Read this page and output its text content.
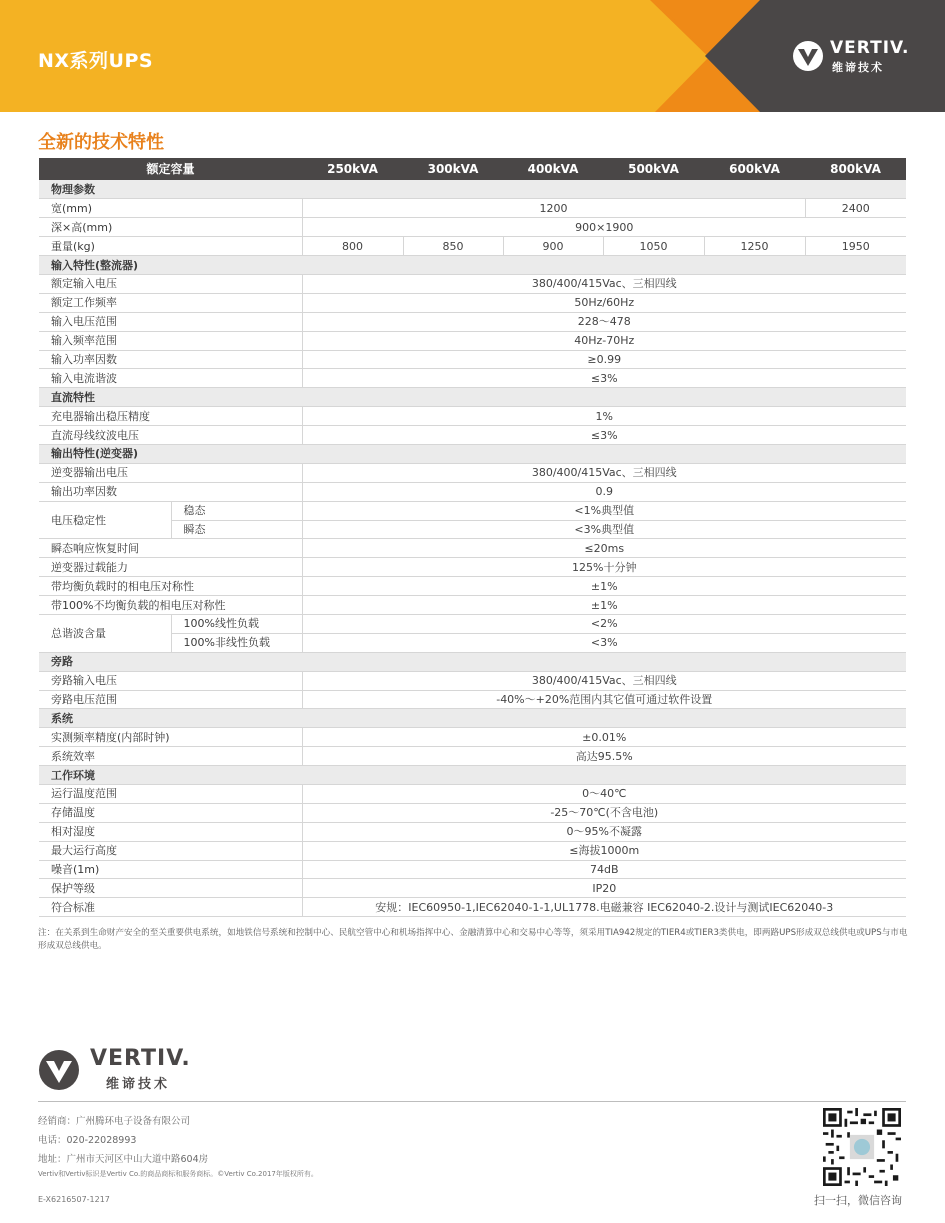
NX系列UPS
VERTIV.
维谛技术
全新的技术特性
额定容量		250kVA	300kVA	400kVA	500kVA	600kVA	800kVA
物理参数							
宽(mm)		1200					2400
深×高(mm)		900×1900					
重量(kg)		800	850	900	1050	1250	1950
输入特性(整流器)							
额定输入电压		380/400/415Vac、三相四线					
额定工作频率		50Hz/60Hz					
输入电压范围		228～478					
输入频率范围		40Hz-70Hz					
输入功率因数		≥0.99					
输入电流谐波		≤3%					
直流特性							
充电器输出稳压精度		1%					
直流母线纹波电压		≤3%					
输出特性(逆变器)							
逆变器输出电压		380/400/415Vac、三相四线					
输出功率因数		0.9					
电压稳定性	稳态	<1%典型值					
	瞬态	<3%典型值					
瞬态响应恢复时间		≤20ms					
逆变器过载能力		125%十分钟					
带均衡负载时的相电压对称性		±1%					
带100%不均衡负载的相电压对称性		±1%					
总谐波含量	100%线性负载	<2%					
	100%非线性负载	<3%					
旁路							
旁路输入电压		380/400/415Vac、三相四线					
旁路电压范围		-40%～+20%范围内其它值可通过软件设置					
系统							
实测频率精度(内部时钟)		±0.01%					
系统效率		高达95.5%					
工作环境							
运行温度范围		0～40℃					
存储温度		-25～70℃(不含电池)					
相对湿度		0～95%不凝露					
最大运行高度		≤海拔1000m					
噪音(1m)		74dB					
保护等级		IP20					
符合标准		安规：IEC60950-1,IEC62040-1-1,UL1778.电磁兼容 IEC62040-2.设计与测试IEC62040-3					
注：在关系到生命财产安全的至关重要供电系统，如地铁信号系统和控制中心、民航空管中心和机场指挥中心、金融清算中心和交易中心等等，须采用TIA942规定的TIER4或TIER3类供电，即两路UPS形成双总线供电或UPS与市电形成双总线供电。
VERTIV.
维谛技术
经销商：广州腾环电子设备有限公司
电话：020-22028993
地址：广州市天河区中山大道中路604房
Vertiv和Vertiv标识是Vertiv Co.的商品商标和服务商标。©Vertiv Co.2017年版权所有。
E-X6216507-1217	扫一扫，微信咨询
